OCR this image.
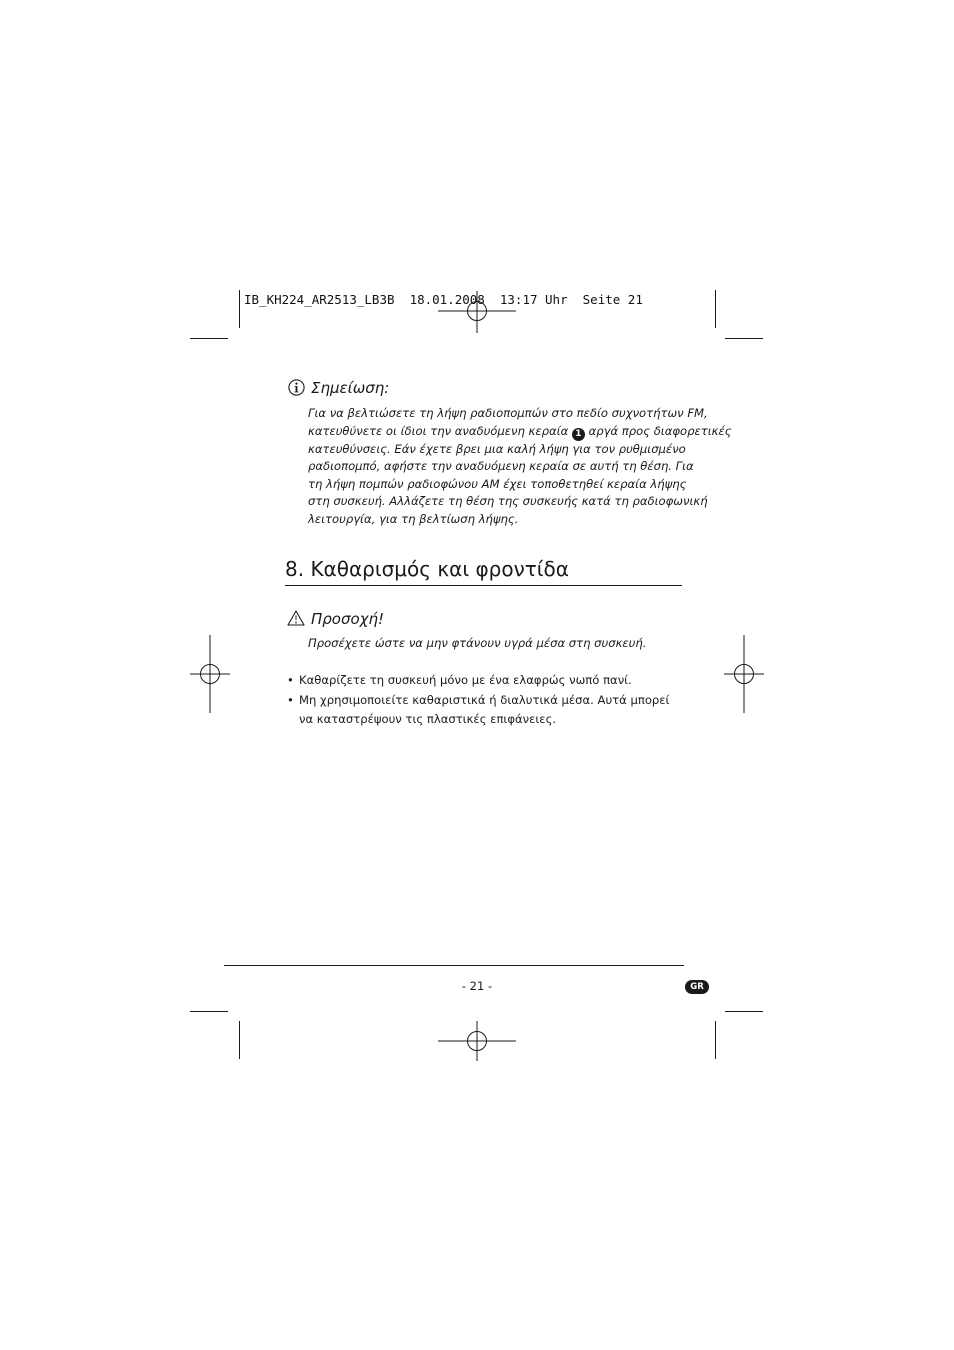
IB_KH224_AR2513_LB3B  18.01.2008  13:17 Uhr  Seite 21
Σημείωση:
Για να βελτιώσετε τη λήψη ραδιοπομπών στο πεδίο συχνοτήτων FM,
κατευθύνετε οι ίδιοι την αναδυόμενη κεραία 1 αργά προς διαφορετικές
κατευθύνσεις. Εάν έχετε βρει μια καλή λήψη για τον ρυθμισμένο
ραδιοπομπό, αφήστε την αναδυόμενη κεραία σε αυτή τη θέση. Για
τη λήψη πομπών ραδιοφώνου AM έχει τοποθετηθεί κεραία λήψης
στη συσκευή. Αλλάζετε τη θέση της συσκευής κατά τη ραδιοφωνική
λειτουργία, για τη βελτίωση λήψης.
8. Καθαρισμός και φροντίδα
Προσοχή!
Προσέχετε ώστε να μην φτάνουν υγρά μέσα στη συσκευή.
• Καθαρίζετε τη συσκευή μόνο με ένα ελαφρώς νωπό πανί.
• Μη χρησιμοποιείτε καθαριστικά ή διαλυτικά μέσα. Αυτά μπορεί
να καταστρέψουν τις πλαστικές επιφάνειες.
- 21 -	GR
